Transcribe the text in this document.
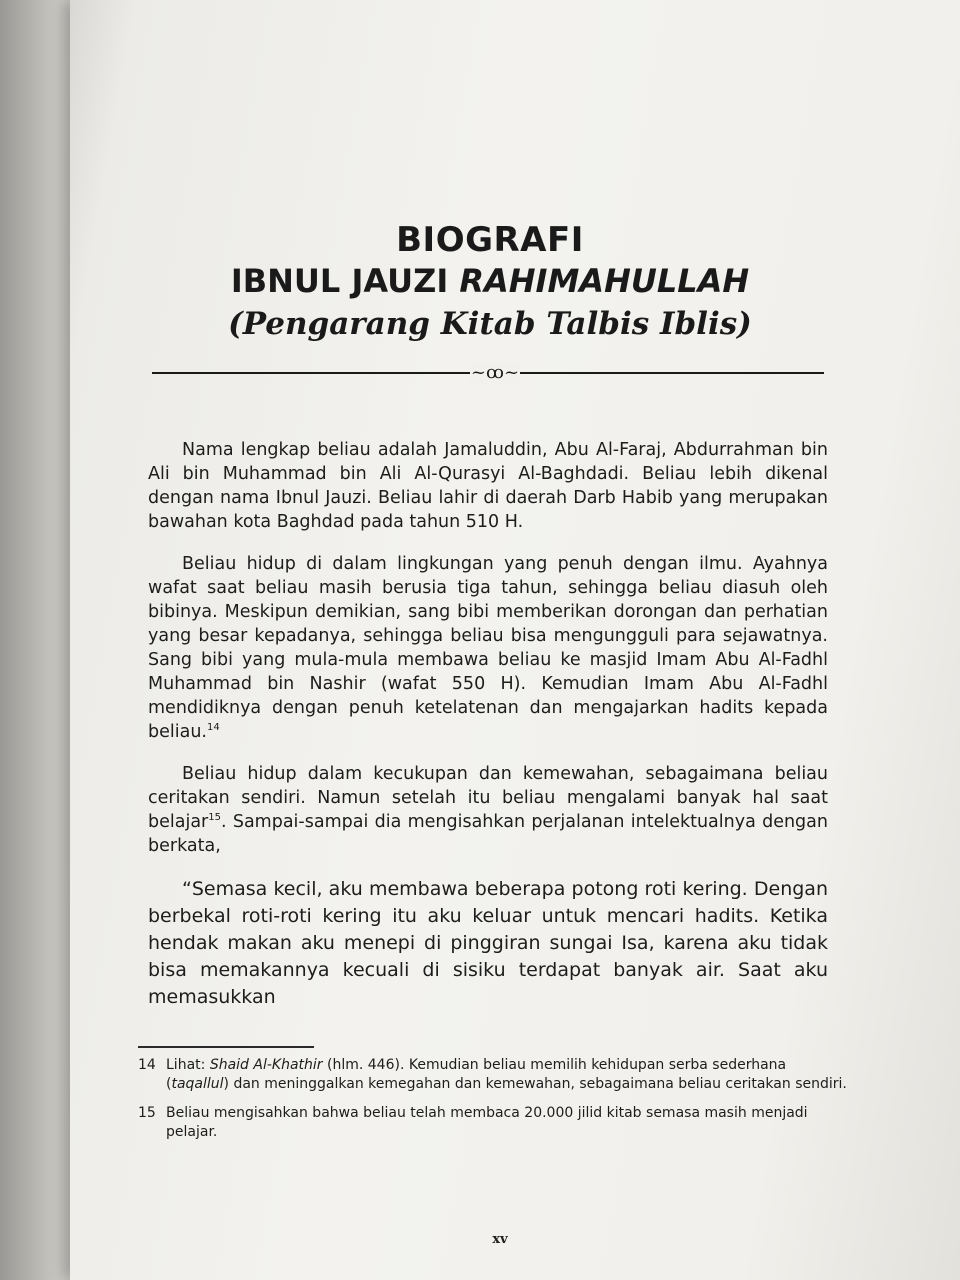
BIOGRAFI
IBNUL JAUZI RAHIMAHULLAH
(Pengarang Kitab Talbis Iblis)
~ꝏ~

Nama lengkap beliau adalah Jamaluddin, Abu Al-Faraj, Abdurrahman bin Ali bin Muhammad bin Ali Al-Qurasyi Al-Baghdadi. Beliau lebih dikenal dengan nama Ibnul Jauzi. Beliau lahir di daerah Darb Habib yang merupakan bawahan kota Baghdad pada tahun 510 H.

Beliau hidup di dalam lingkungan yang penuh dengan ilmu. Ayahnya wafat saat beliau masih berusia tiga tahun, sehingga beliau diasuh oleh bibinya. Meskipun demikian, sang bibi memberikan dorongan dan perhatian yang besar kepadanya, sehingga beliau bisa mengungguli para sejawatnya. Sang bibi yang mula-mula membawa beliau ke masjid Imam Abu Al-Fadhl Muhammad bin Nashir (wafat 550 H). Kemudian Imam Abu Al-Fadhl mendidiknya dengan penuh ketelatenan dan mengajarkan hadits kepada beliau.$^{14}$

Beliau hidup dalam kecukupan dan kemewahan, sebagaimana beliau ceritakan sendiri. Namun setelah itu beliau mengalami banyak hal saat belajar$^{15}$. Sampai-sampai dia mengisahkan perjalanan intelektualnya dengan berkata,

“Semasa kecil, aku membawa beberapa potong roti kering. Dengan berbekal roti-roti kering itu aku keluar untuk mencari hadits. Ketika hendak makan aku menepi di pinggiran sungai Isa, karena aku tidak bisa memakannya kecuali di sisiku terdapat banyak air. Saat aku memasukkan

14 Lihat: Shaid Al-Khathir (hlm. 446). Kemudian beliau memilih kehidupan serba sederhana (taqallul) dan meninggalkan kemegahan dan kemewahan, sebagaimana beliau ceritakan sendiri.
15 Beliau mengisahkan bahwa beliau telah membaca 20.000 jilid kitab semasa masih menjadi pelajar.
xv
